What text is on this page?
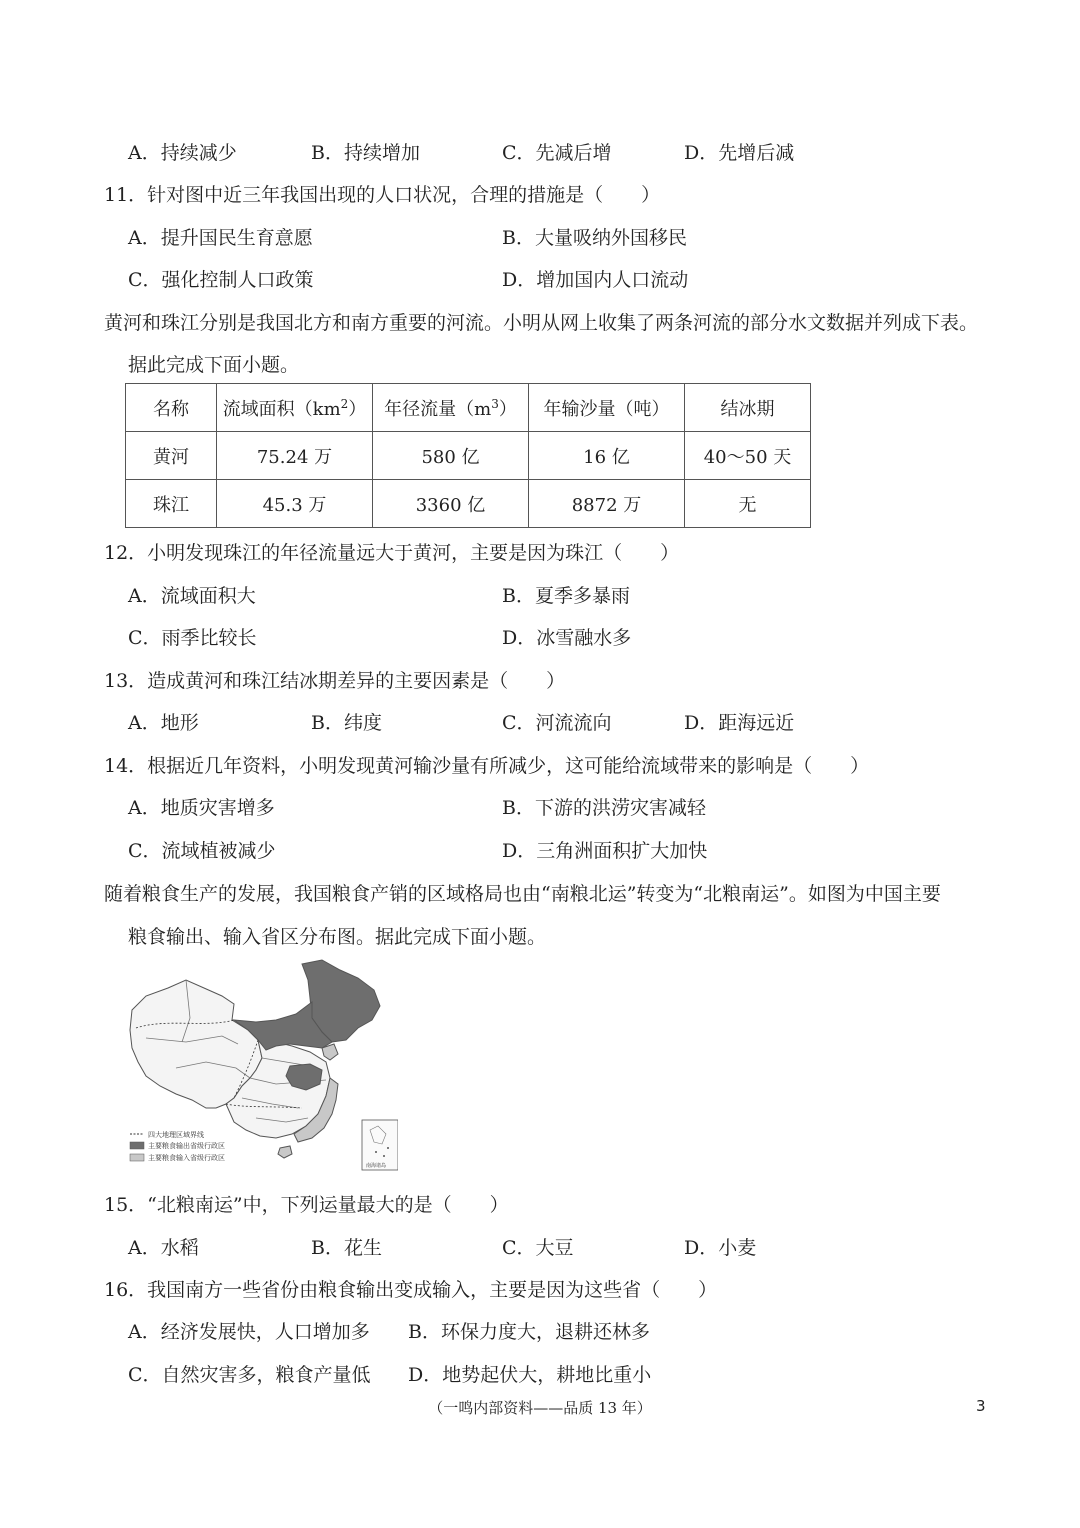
A．持续减少	B．持续增加	C．先减后增	D．先增后减
11．针对图中近三年我国出现的人口状况，合理的措施是（　　）
A．提升国民生育意愿	B．大量吸纳外国移民
C．强化控制人口政策	D．增加国内人口流动
黄河和珠江分别是我国北方和南方重要的河流。小明从网上收集了两条河流的部分水文数据并列成下表。
据此完成下面小题。
名称	流域面积$(km^2)$	年径流量$(m^3)$	年输沙量（吨）	结冰期
黄河	75.24 万	580 亿	16 亿	40～50 天
珠江	45.3 万	3360 亿	8872 万	无
12．小明发现珠江的年径流量远大于黄河，主要是因为珠江（　　）
A．流域面积大	B．夏季多暴雨
C．雨季比较长	D．冰雪融水多
13．造成黄河和珠江结冰期差异的主要因素是（　　）
A．地形	B．纬度	C．河流流向	D．距海远近
14．根据近几年资料，小明发现黄河输沙量有所减少，这可能给流域带来的影响是（　　）
A．地质灾害增多	B．下游的洪涝灾害减轻
C．流域植被减少	D．三角洲面积扩大加快
随着粮食生产的发展，我国粮食产销的区域格局也由“南粮北运”转变为“北粮南运”。如图为中国主要
粮食输出、输入省区分布图。据此完成下面小题。
四大地理区域界线
主要粮食输出省级行政区
主要粮食输入省级行政区
南海诸岛
15．“北粮南运”中，下列运量最大的是（　　）
A．水稻	B．花生	C．大豆	D．小麦
16．我国南方一些省份由粮食输出变成输入，主要是因为这些省（　　）
A．经济发展快，人口增加多 B．环保力度大，退耕还林多
C．自然灾害多，粮食产量低 D．地势起伏大，耕地比重小
（一鸣内部资料——品质 13 年）	3
